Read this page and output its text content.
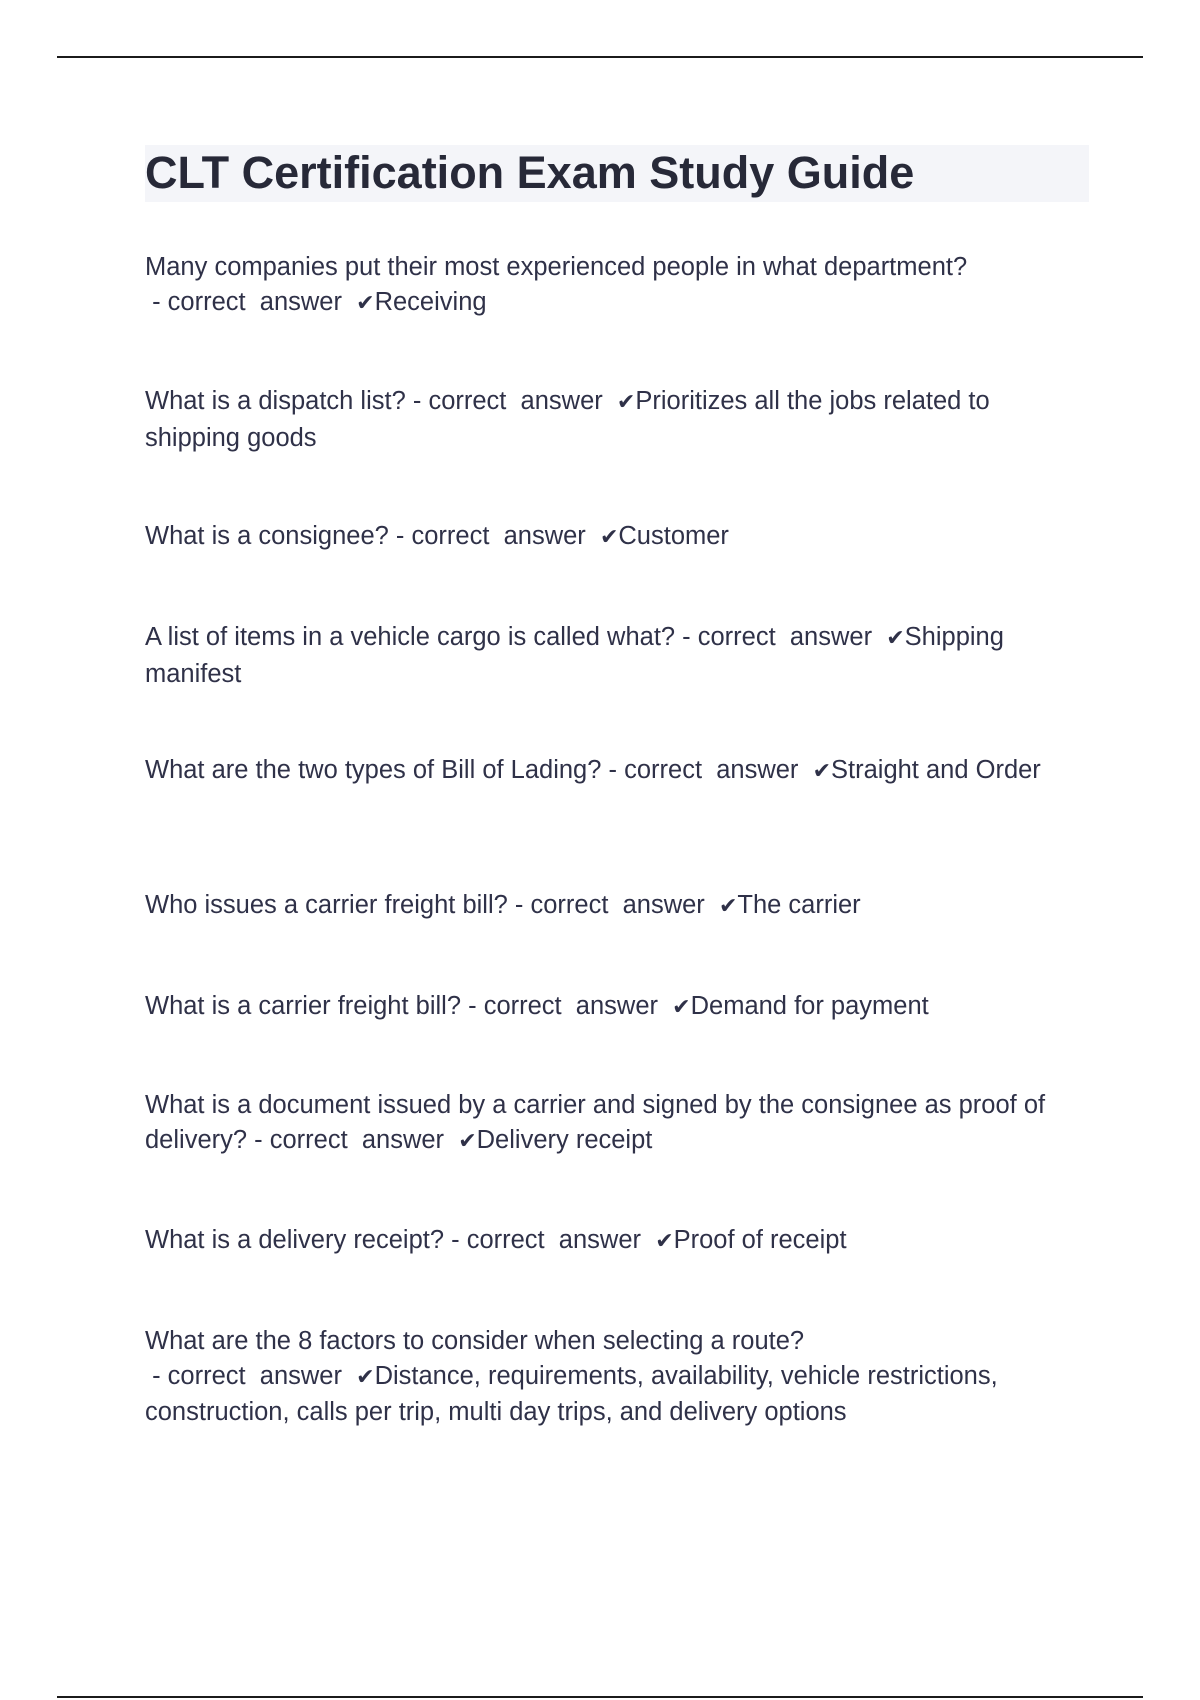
CLT Certification Exam Study Guide

Many companies put their most experienced people in what department? - correct  answer  ✔Receiving

What is a dispatch list? - correct  answer  ✔Prioritizes all the jobs related to shipping goods

What is a consignee? - correct  answer  ✔Customer

A list of items in a vehicle cargo is called what? - correct  answer  ✔Shipping manifest

What are the two types of Bill of Lading? - correct  answer  ✔Straight and Order

Who issues a carrier freight bill? - correct  answer  ✔The carrier

What is a carrier freight bill? - correct  answer  ✔Demand for payment

What is a document issued by a carrier and signed by the consignee as proof of delivery? - correct  answer  ✔Delivery receipt

What is a delivery receipt? - correct  answer  ✔Proof of receipt

What are the 8 factors to consider when selecting a route? - correct  answer  ✔Distance, requirements, availability, vehicle restrictions, construction, calls per trip, multi day trips, and delivery options
